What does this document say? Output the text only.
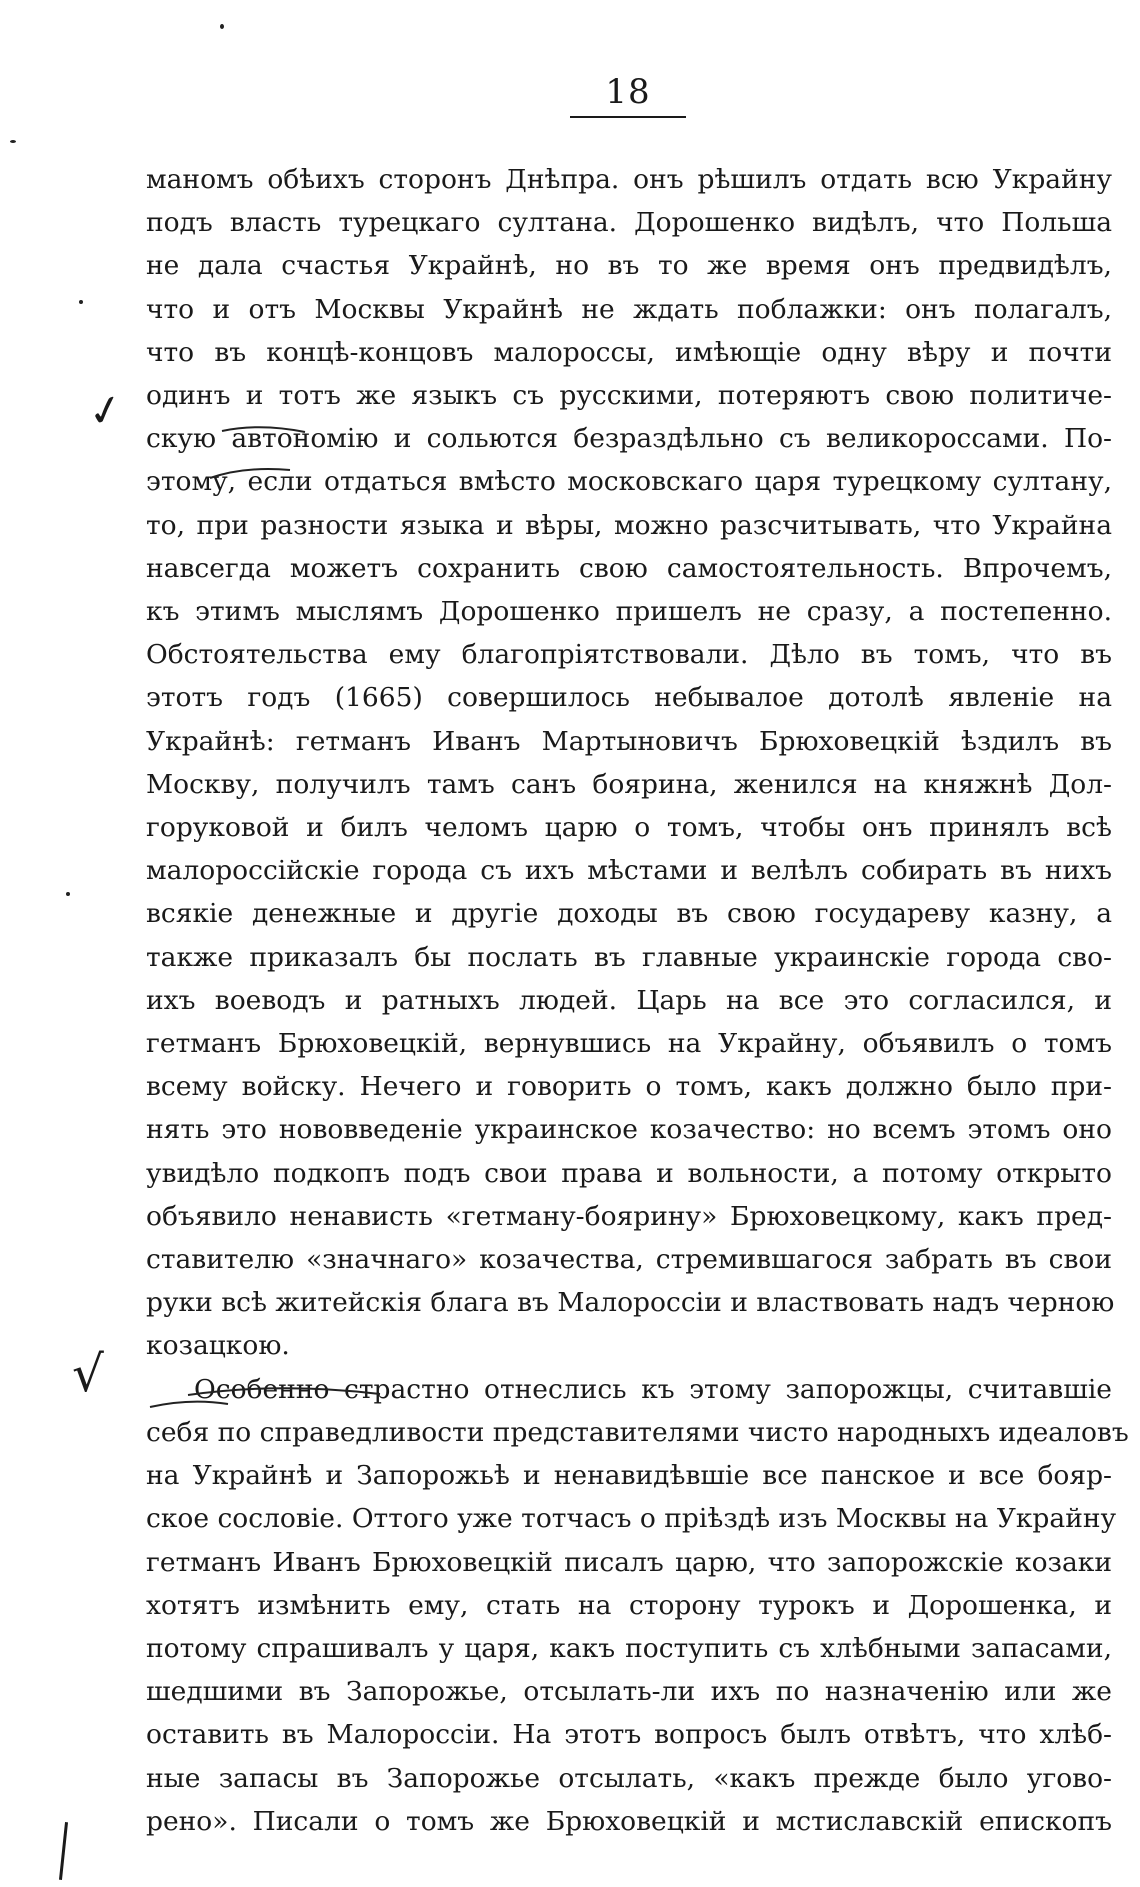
18
маномъ обѣихъ сторонъ Днѣпра. онъ рѣшилъ отдать всю Украйну
подъ власть турецкаго султана. Дорошенко видѣлъ, что Польша
не дала счастья Украйнѣ, но въ то же время онъ предвидѣлъ,
что и отъ Москвы Украйнѣ не ждать поблажки: онъ полагалъ,
что въ концѣ-концовъ малороссы, имѣющіе одну вѣру и почти
одинъ и тотъ же языкъ съ русскими, потеряютъ свою политиче-
скую автономію и сольются безраздѣльно съ великороссами. По-
этому, если отдаться вмѣсто московскаго царя турецкому султану,
то, при разности языка и вѣры, можно разсчитывать, что Украйна
навсегда можетъ сохранить свою самостоятельность. Впрочемъ,
къ этимъ мыслямъ Дорошенко пришелъ не сразу, а постепенно.
Обстоятельства ему благопріятствовали. Дѣло въ томъ, что въ
этотъ годъ (1665) совершилось небывалое дотолѣ явленіе на
Украйнѣ: гетманъ Иванъ Мартыновичъ Брюховецкій ѣздилъ въ
Москву, получилъ тамъ санъ боярина, женился на княжнѣ Дол-
горуковой и билъ челомъ царю о томъ, чтобы онъ принялъ всѣ
малороссійскіе города съ ихъ мѣстами и велѣлъ собирать въ нихъ
всякіе денежные и другіе доходы въ свою государеву казну, а
также приказалъ бы послать въ главные украинскіе города сво-
ихъ воеводъ и ратныхъ людей. Царь на все это согласился, и
гетманъ Брюховецкій, вернувшись на Украйну, объявилъ о томъ
всему войску. Нечего и говорить о томъ, какъ должно было при-
нять это нововведеніе украинское козачество: но всемъ этомъ оно
увидѣло подкопъ подъ свои права и вольности, а потому открыто
объявило ненависть «гетману-боярину» Брюховецкому, какъ пред-
ставителю «значнаго» козачества, стремившагося забрать въ свои
руки всѣ житейскія блага въ Малороссіи и властвовать надъ черною
козацкою.
Особенно страстно отнеслись къ этому запорожцы, считавшіе
себя по справедливости представителями чисто народныхъ идеаловъ
на Украйнѣ и Запорожьѣ и ненавидѣвшіе все панское и все бояр-
ское сословіе. Оттого уже тотчасъ о пріѣздѣ изъ Москвы на Украйну
гетманъ Иванъ Брюховецкій писалъ царю, что запорожскіе козаки
хотятъ измѣнить ему, стать на сторону турокъ и Дорошенка, и
потому спрашивалъ у царя, какъ поступить съ хлѣбными запасами,
шедшими въ Запорожье, отсылать-ли ихъ по назначенію или же
оставить въ Малороссіи. На этотъ вопросъ былъ отвѣтъ, что хлѣб-
ные запасы въ Запорожье отсылать, «какъ прежде было угово-
рено». Писали о томъ же Брюховецкій и мстиславскій епископъ
✓
√
